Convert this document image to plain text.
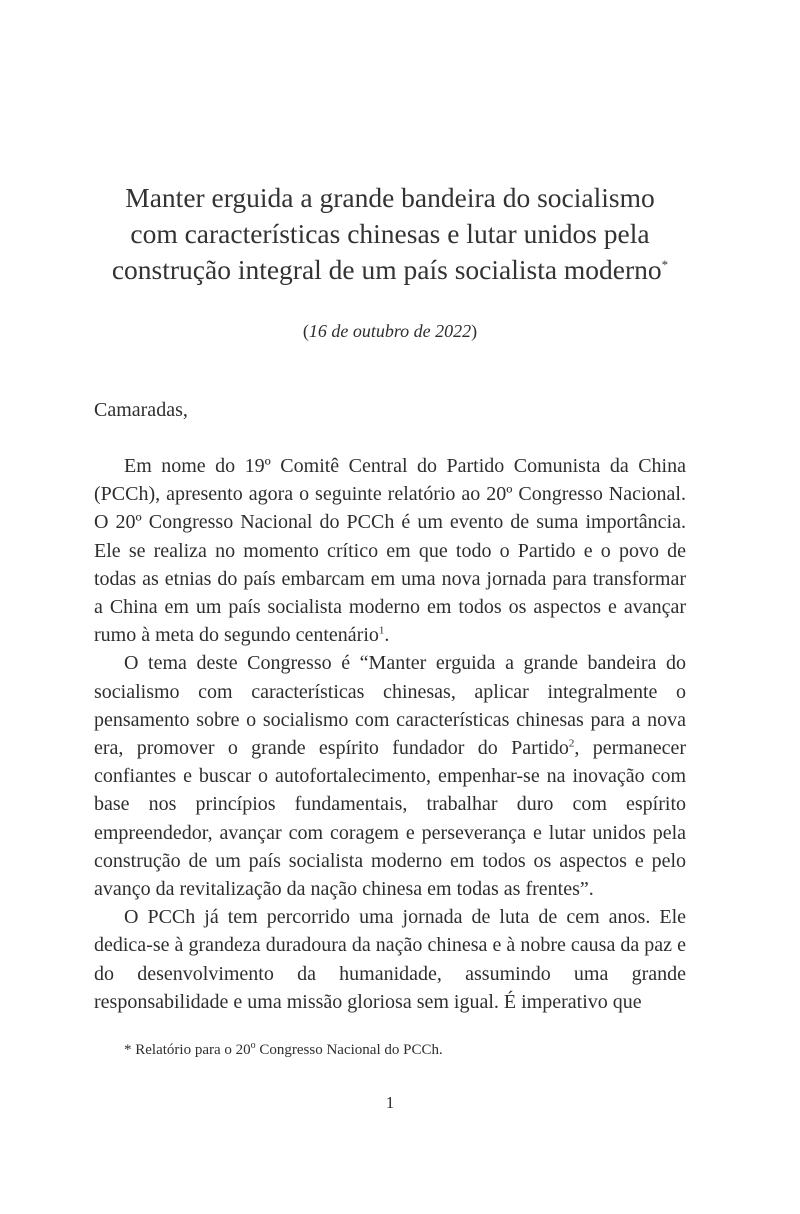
Manter erguida a grande bandeira do socialismo
com características chinesas e lutar unidos pela
construção integral de um país socialista moderno*
(16 de outubro de 2022)
Camaradas,

Em nome do 19º Comitê Central do Partido Comunista da China (PCCh), apresento agora o seguinte relatório ao 20º Congresso Nacional. O 20º Congresso Nacional do PCCh é um evento de suma importância. Ele se realiza no momento crítico em que todo o Partido e o povo de todas as etnias do país embarcam em uma nova jornada para transformar a China em um país socialista moderno em todos os aspectos e avançar rumo à meta do segundo centenário$^1$.

O tema deste Congresso é “Manter erguida a grande bandeira do socialismo com características chinesas, aplicar integralmente o pensamento sobre o socialismo com características chinesas para a nova era, promover o grande espírito fundador do Partido$^2$, permanecer confiantes e buscar o autofortalecimento, empenhar-se na inovação com base nos princípios fundamentais, trabalhar duro com espírito empreendedor, avançar com coragem e perseverança e lutar unidos pela construção de um país socialista moderno em todos os aspectos e pelo avanço da revitalização da nação chinesa em todas as frentes”.

O PCCh já tem percorrido uma jornada de luta de cem anos. Ele dedica-se à grandeza duradoura da nação chinesa e à nobre causa da paz e do desenvolvimento da humanidade, assumindo uma grande responsabilidade e uma missão gloriosa sem igual. É imperativo que

* Relatório para o 20$^o$ Congresso Nacional do PCCh.
1
